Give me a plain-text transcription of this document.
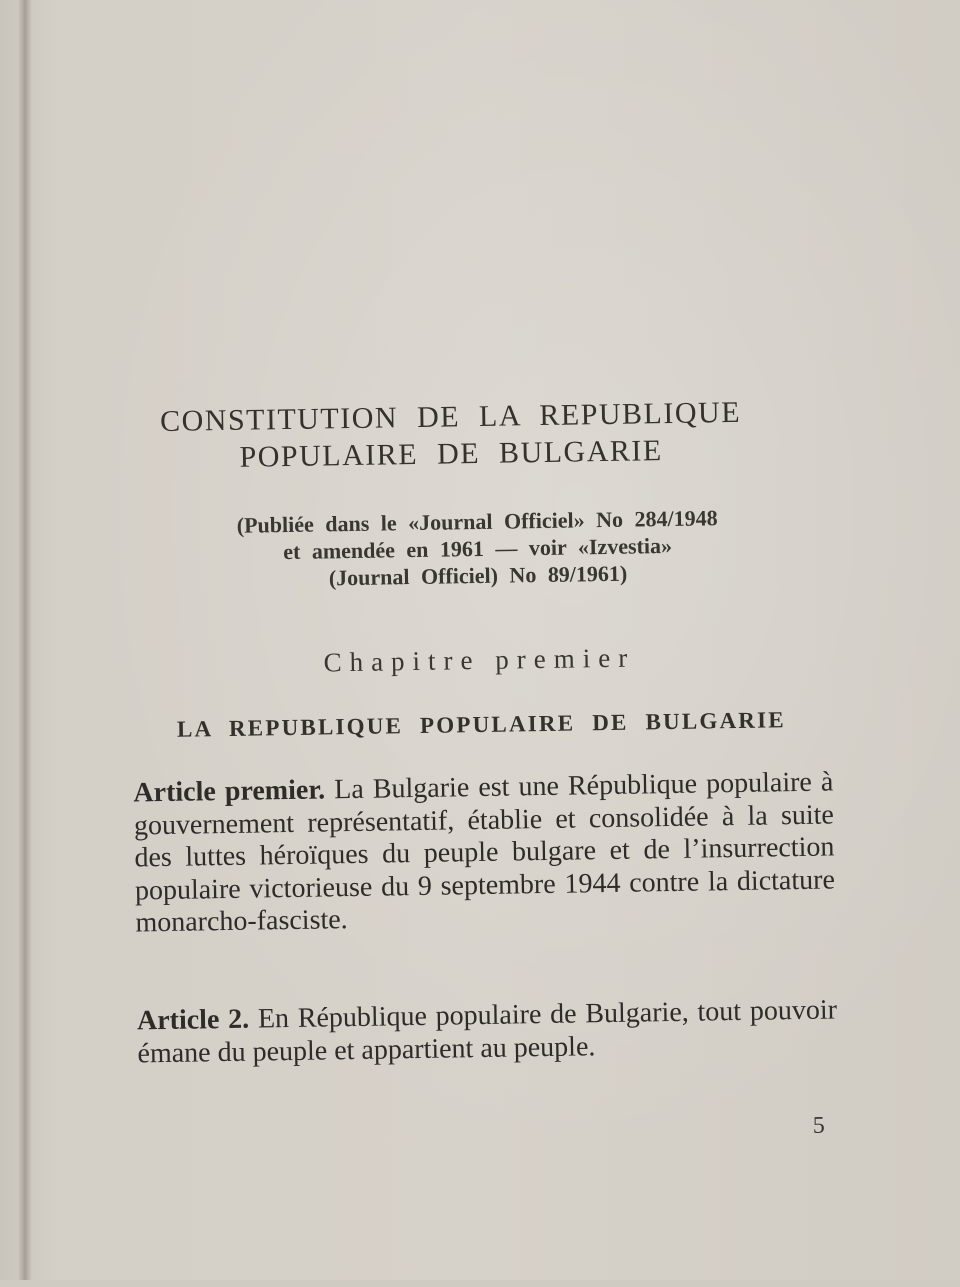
CONSTITUTION DE LA REPUBLIQUE
POPULAIRE DE BULGARIE
(Publiée dans le «Journal Officiel» No 284/1948
et amendée en 1961 — voir «Izvestia»
(Journal Officiel) No 89/1961)
Chapitre premier
LA REPUBLIQUE POPULAIRE DE BULGARIE
Article premier. La Bulgarie est une République populaire à gouvernement représentatif, établie et consolidée à la suite des luttes héroïques du peuple bulgare et de l’insurrection populaire victorieuse du 9 septembre 1944 contre la dictature monarcho-fasciste.
Article 2. En République populaire de Bulgarie, tout pouvoir émane du peuple et appartient au peuple.
5
